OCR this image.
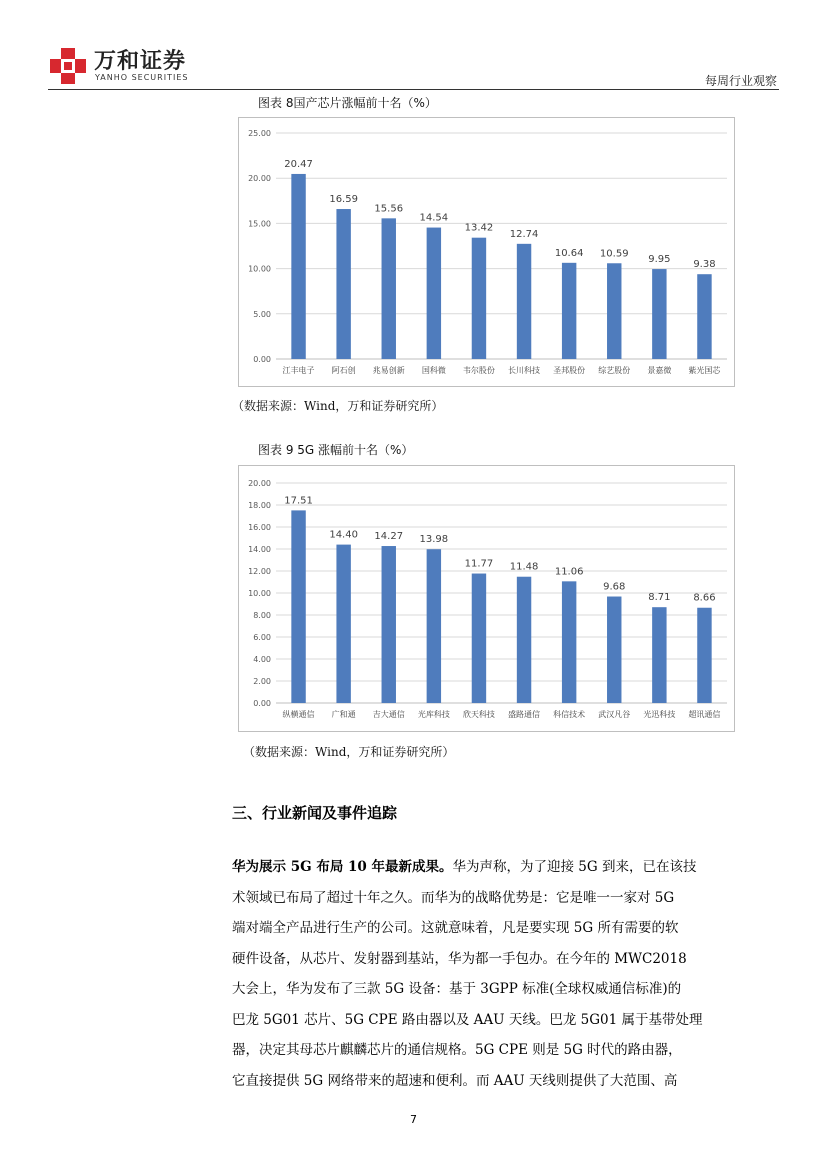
万和证券
YANHO SECURITIES	每周行业观察
图表 8国产芯片涨幅前十名（%）
0.00
5.00
10.00
15.00
20.00
25.00
20.47
江丰电子
16.59
阿石创
15.56
兆易创新
14.54
国科微
13.42
韦尔股份
12.74
长川科技
10.64
圣邦股份
10.59
综艺股份
9.95
景嘉微
9.38
紫光国芯
（数据来源：Wind，万和证券研究所）
图表 9 5G 涨幅前十名（%）
0.00
2.00
4.00
6.00
8.00
10.00
12.00
14.00
16.00
18.00
20.00
17.51
纵横通信
14.40
广和通
14.27
吉大通信
13.98
光库科技
11.77
欣天科技
11.48
盛路通信
11.06
科信技术
9.68
武汉凡谷
8.71
光迅科技
8.66
超讯通信
（数据来源：Wind，万和证券研究所）
三、行业新闻及事件追踪
华为展示 5G 布局 10 年最新成果。华为声称，为了迎接 5G 到来，已在该技
术领域已布局了超过十年之久。而华为的战略优势是：它是唯一一家对 5G
端对端全产品进行生产的公司。这就意味着，凡是要实现 5G 所有需要的软
硬件设备，从芯片、发射器到基站，华为都一手包办。在今年的 MWC2018
大会上，华为发布了三款 5G 设备：基于 3GPP 标准(全球权威通信标准)的
巴龙 5G01 芯片、5G CPE 路由器以及 AAU 天线。巴龙 5G01 属于基带处理
器，决定其母芯片麒麟芯片的通信规格。5G CPE 则是 5G 时代的路由器，
它直接提供 5G 网络带来的超速和便利。而 AAU 天线则提供了大范围、高
7
